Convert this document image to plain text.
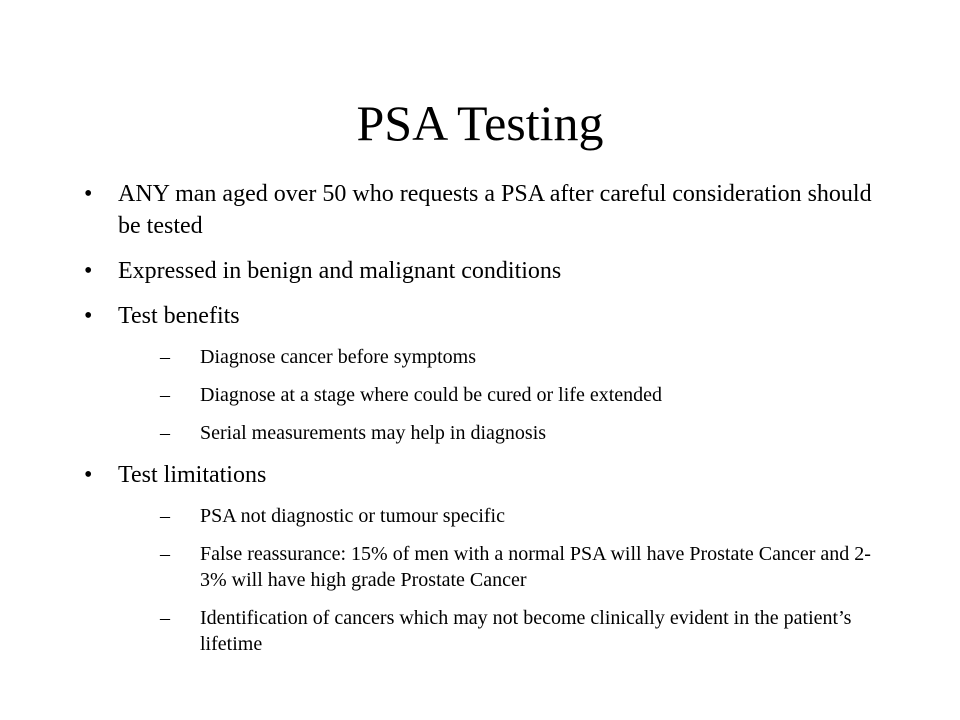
PSA Testing
• ANY man aged over 50 who requests a PSA after careful consideration should be tested
• Expressed in benign and malignant conditions
• Test benefits
– Diagnose cancer before symptoms
– Diagnose at a stage where could be cured or life extended
– Serial measurements may help in diagnosis
• Test limitations
– PSA not diagnostic or tumour specific
– False reassurance: 15% of men with a normal PSA will have Prostate Cancer and 2-3% will have high grade Prostate Cancer
– Identification of cancers which may not become clinically evident in the patient’s lifetime
